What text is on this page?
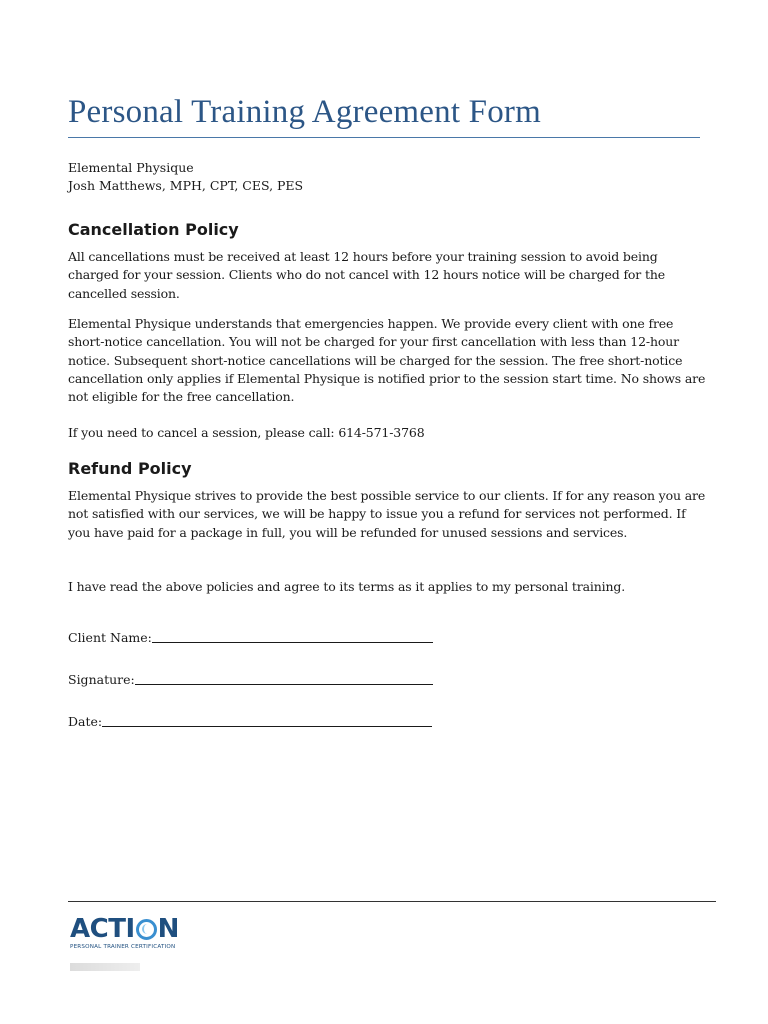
Personal Training Agreement Form
Elemental Physique
Josh Matthews, MPH, CPT, CES, PES
Cancellation Policy

All cancellations must be received at least 12 hours before your training session to avoid being charged for your session. Clients who do not cancel with 12 hours notice will be charged for the cancelled session.

Elemental Physique understands that emergencies happen. We provide every client with one free short-notice cancellation. You will not be charged for your first cancellation with less than 12-hour notice. Subsequent short-notice cancellations will be charged for the session. The free short-notice cancellation only applies if Elemental Physique is notified prior to the session start time. No shows are not eligible for the free cancellation.

If you need to cancel a session, please call: 614-571-3768

Refund Policy

Elemental Physique strives to provide the best possible service to our clients. If for any reason you are not satisfied with our services, we will be happy to issue you a refund for services not performed. If you have paid for a package in full, you will be refunded for unused sessions and services.

I have read the above policies and agree to its terms as it applies to my personal training.

Client Name:
Signature:
Date:
ACTI N
PERSONAL TRAINER CERTIFICATION
